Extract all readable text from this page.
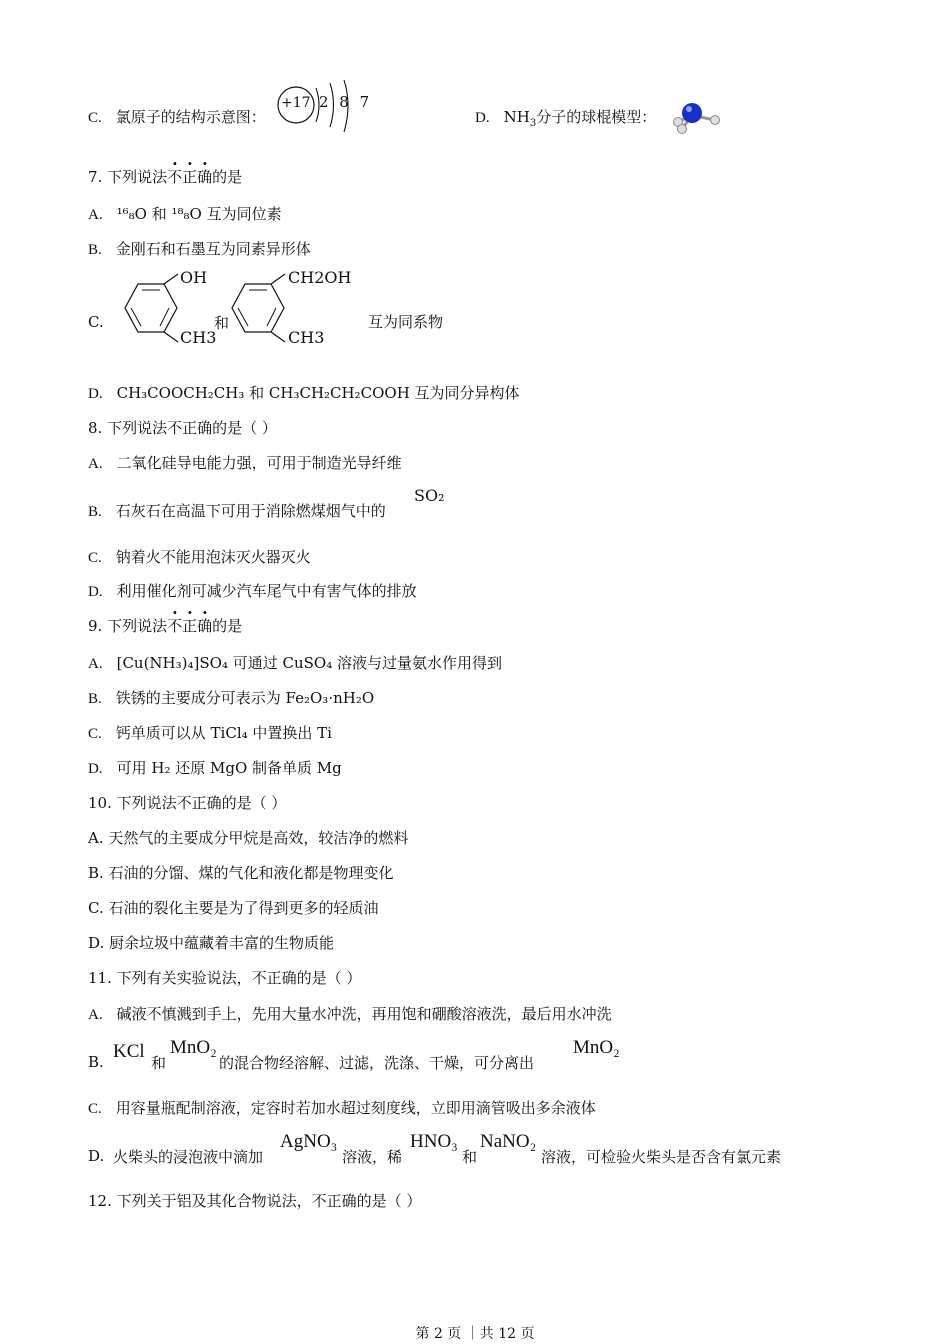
C. 氯原子的结构示意图：
+17 2 8 7
D. $NH_3$分子的球棍模型：
7. 下列说法不正确的是
A. ¹⁶₈O 和 ¹⁸₈O 互为同位素
B. 金刚石和石墨互为同素异形体
C.
OH
CH3
和
CH2OH
CH3
互为同系物
D. CH₃COOCH₂CH₃ 和 CH₃CH₂CH₂COOH 互为同分异构体
8. 下列说法不正确的是（ ）
A. 二氧化硅导电能力强，可用于制造光导纤维
B. 石灰石在高温下可用于消除燃煤烟气中的
SO₂
C. 钠着火不能用泡沫灭火器灭火
D. 利用催化剂可减少汽车尾气中有害气体的排放
9. 下列说法不正确的是
A. [Cu(NH₃)₄]SO₄ 可通过 CuSO₄ 溶液与过量氨水作用得到
B. 铁锈的主要成分可表示为 Fe₂O₃·nH₂O
C. 钙单质可以从 TiCl₄ 中置换出 Ti
D. 可用 H₂ 还原 MgO 制备单质 Mg
10. 下列说法不正确的是（ ）
A. 天然气的主要成分甲烷是高效，较洁净的燃料
B. 石油的分馏、煤的气化和液化都是物理变化
C. 石油的裂化主要是为了得到更多的轻质油
D. 厨余垃圾中蕴藏着丰富的生物质能
11. 下列有关实验说法，不正确的是（ ）
A. 碱液不慎溅到手上，先用大量水冲洗，再用饱和硼酸溶液洗，最后用水冲洗
B. KCl
和
MnO₂
的混合物经溶解、过滤，洗涤、干燥，可分离出
MnO₂
C. 用容量瓶配制溶液，定容时若加水超过刻度线，立即用滴管吸出多余液体
D. 火柴头的浸泡液中滴加
AgNO₃
溶液，稀
HNO₃
和
NaNO₂
溶液，可检验火柴头是否含有氯元素
12. 下列关于铝及其化合物说法，不正确的是（ ）
第 2 页 ｜共 12 页
